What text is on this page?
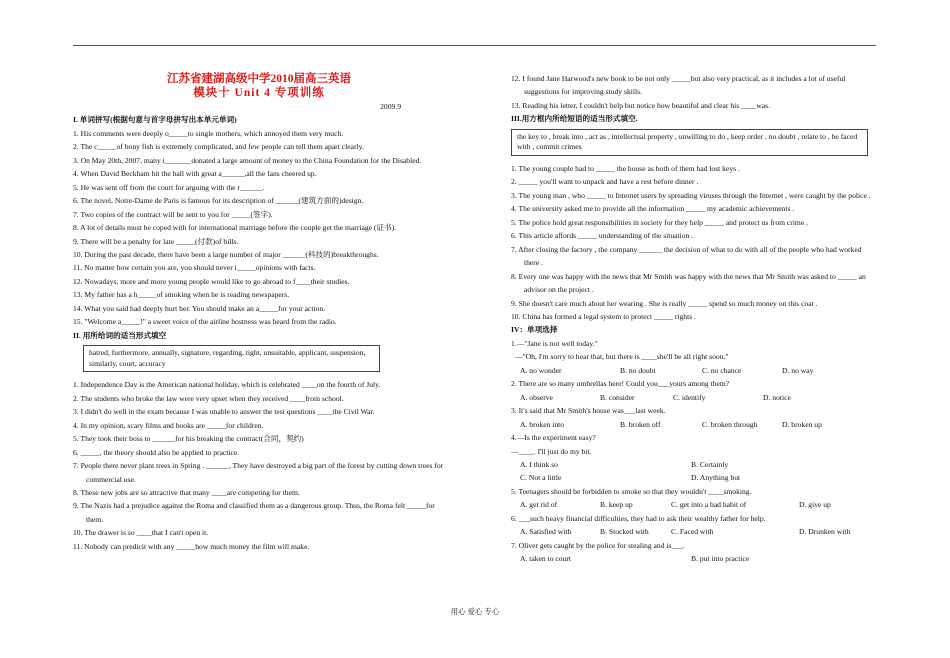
江苏省建湖高级中学2010届高三英语
模块十 Unit 4 专项训练
2009.9
I. 单词拼写(根据句意与首字母拼写出本单元单词)
1. His comments were deeply o_____to single mothers, which annoyed them very much.
2. The c_____of bony fish is extremely complicated, and few people can tell them apart clearly.
3. On May 20th, 2007, many i_______donated a large amount of money to the China Foundation for the Disabled.
4. When David Beckham hit the ball with great a______,all the fans cheered up.
5. He was sent off from the court for arguing with the r______.
6. The novel, Notre-Dame de Paris is famous for its description of ______(建筑方面的)design.
7. Two copies of the contract will be sent to you for _____(签字).
8. A lot of details must be coped with for international marriage before the couple get the marriage (证书).
9. There will be a penalty for late _____(付款)of bills.
10. During the past decade, there have been a large number of major ______(科技的)breakthroughs.
11. No matter how certain you are, you should never i_____opinions with facts.
12. Nowadays, more and more young people would like to go abroad to f____their studies.
13. My father has a h_____of smoking when he is reading newspapers.
14. What you said had deeply hurt her. You should make an a_____for your action.
15. "Welcome a_____!" a sweet voice of the airline hostness was heard from the radio.
II. 用所给词的适当形式填空
hatred, furthermore, annually, signature, regarding, tight, unsuitable, applicant, suspension, similarly, court, accuracy
1. Independence Day is the American national holiday, which is celebrated ____on the fourth of July.
2. The students who broke the law were very upset when they received ____from school.
3. I didn't do well in the exam because I was unable to answer the test questions ____the Civil War.
4. In my opinion, scary films and books are _____for children.
5. They took their boss to ______for his breaking the contract(合同，契约)
6. _____, the theory should also be applied to practice.
7. People there never plant trees in Spring . ______, They have destroyed a big part of the forest by cutting down trees for commercial use.
8. These new jobs are so attractive that many ____are competing for them.
9. The Nazis had a prejudice against the Roma and classified them as a dangerous group. Thus, the Roma felt _____for them.
10. The drawer is so ____that I can't open it.
11. Nobody can predicit with any _____how much money the film will make.
12. I found Jane Harwood's new book to be not only _____but also very practical, as it includes a lot of useful suggestions for improving study skills.
13. Reading his letter, I couldn't help but notice how beautiful and clear his ____was.
III.用方框内所给短语的适当形式填空.
the key to , break into , act as , intellectual property , unwilling to do , keep order , no doubt , relate to , be faced with , commit crimes
1. The young couple had to _____ the house as both of them had lost keys .
2. _____ you'll want to unpack and have a rest before dinner .
3. The young man , who _____ to Internet users by spreading viruses through the Internet , were caught by the police .
4. The university asked me to provide all the information _____ my academic achievements .
5. The police hold great responsibilities in society for they help _____ and protect us from crime .
6. This article affords _____ understanding of the situation .
7. After closing the factory , the company ______ the decision of what to do with all of the people who had worked there .
8. Every one was happy with the news that Mr Smith was happy with the news that Mr Smith was asked to _____ an advisor on the project .
9. She doesn't care much about her wearing . She is really _____ spend so much money on this coat .
10. China has formed a legal system to protect _____ rights .
IV：单项选择
1.—"Jane is not well today."
—"Oh, I'm sorry to hear that, but there is ____she'll be all right soon."
A. no wonder	B. no doubt	C. no chance	D. no way
2. There are so many umbrellas here! Could you___yours among them?
A. observe	B. consider	C. identify	D. notice
3. It's said that Mr Smith's house was___last week.
A. broken into	B. broken off	C. broken through	D. broken up
4.—Is the experiment easy?
—____. I'll just do my bit.
A. I think so	B. Certainly
C. Not a little	D. Anything but
5. Teenagers should be forbidden to smoke so that they wouldn't ____smoking.
A. get rid of	B. keep up	C. get into a bad habit of	D. give up
6. ___such heavy financial difficulties, they had to ask their wealthy father for help.
A. Satisfied with	B. Stocked with	C. Faced with	D. Drunken with
7. Oliver gets caught by the police for stealing and is___.
A. taken to court	B. put into practice
用心 爱心 专心
